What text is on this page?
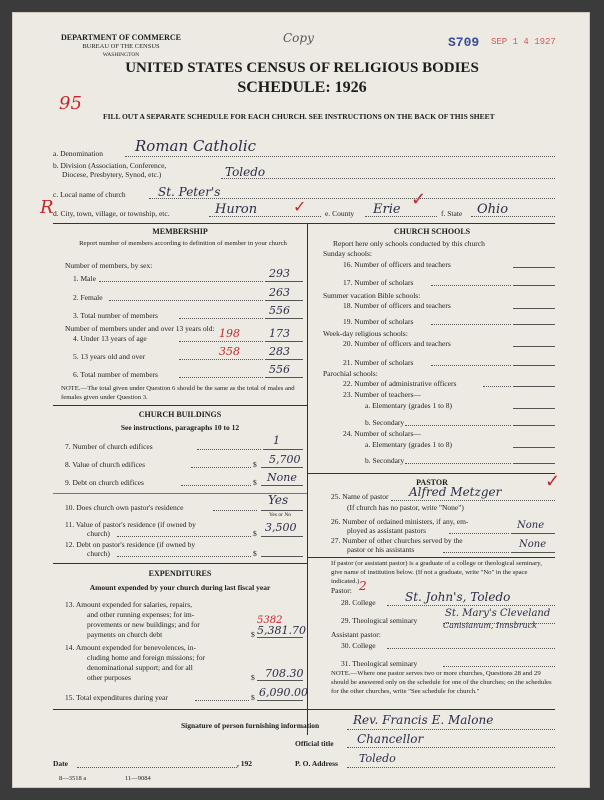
DEPARTMENT OF COMMERCE
BUREAU OF THE CENSUS
WASHINGTON
Copy	S709 SEP 1 4 1927
UNITED STATES CENSUS OF RELIGIOUS BODIES
SCHEDULE: 1926
95
FILL OUT A SEPARATE SCHEDULE FOR EACH CHURCH. SEE INSTRUCTIONS ON THE BACK OF THIS SHEET
a. Denomination Roman Catholic
b. Division (Association, Conference,
Diocese, Presbytery, Synod, etc.)	Toledo
c. Local name of church	St. Peter's
R d. City, town, village, or township, etc.	Huron ✓ e. County Erie
✓
f. State Ohio
MEMBERSHIP
Report number of members according to definition of member in your church
Number of members, by sex:
1. Male	293
2. Female	263
3. Total number of members	556
Number of members under and over 13 years old:
4. Under 13 years of age	198	173
5. 13 years old and over	358	283
6. Total number of members	556
NOTE.—The total given under Question 6 should be the same as the total of males and females given under Question 3.
CHURCH BUILDINGS
See instructions, paragraphs 10 to 12
7. Number of church edifices	1
8. Value of church edifices	$ 5,700
9. Debt on church edifices	$ None
10. Does church own pastor's residence
Yes
Yes or No
11. Value of pastor's residence (if owned by
church)	$ 3,500
12. Debt on pastor's residence (if owned by
church)	$
EXPENDITURES
Amount expended by your church during last fiscal year
13. Amount expended for salaries, repairs,
and other running expenses; for im-
provements or new buildings; and for
payments on church debt
5382
$ 5,381.70
14. Amount expended for benevolences, in-
cluding home and foreign missions; for
denominational support; and for all
other purposes	$ 708.30
15. Total expenditures during year	$ 6,090.00
CHURCH SCHOOLS
Report here only schools conducted by this church
Sunday schools:
16. Number of officers and teachers
17. Number of scholars
Summer vacation Bible schools:
18. Number of officers and teachers
19. Number of scholars
Week-day religious schools:
20. Number of officers and teachers
21. Number of scholars
Parochial schools:
22. Number of administrative officers
23. Number of teachers—
a. Elementary (grades 1 to 8)
b. Secondary
24. Number of scholars—
a. Elementary (grades 1 to 8)
b. Secondary
PASTOR
25. Name of pastor Alfred Metzger
✓
(If church has no pastor, write "None")
26. Number of ordained ministers, if any, em-
ployed as assistant pastors	None
27. Number of other churches served by the
pastor or his assistants	None
If pastor (or assistant pastor) is a graduate of a college or theological seminary, give name of institution below. (If not a graduate, write "No" in the space indicated.)
Pastor: 2
28. College St. John's, Toledo
29. Theological seminary
St. Mary's Cleveland
Canisianum, Innsbruck
Assistant pastor:
30. College
31. Theological seminary
NOTE.—Where one pastor serves two or more churches, Questions 28 and 29 should be answered only on the schedule for one of the churches; on the schedules for the other churches, write "See schedule for church."
Signature of person furnishing information	Rev. Francis E. Malone
Official title Chancellor
Date	, 192	P. O. Address Toledo
8—3518 a	11—9084
